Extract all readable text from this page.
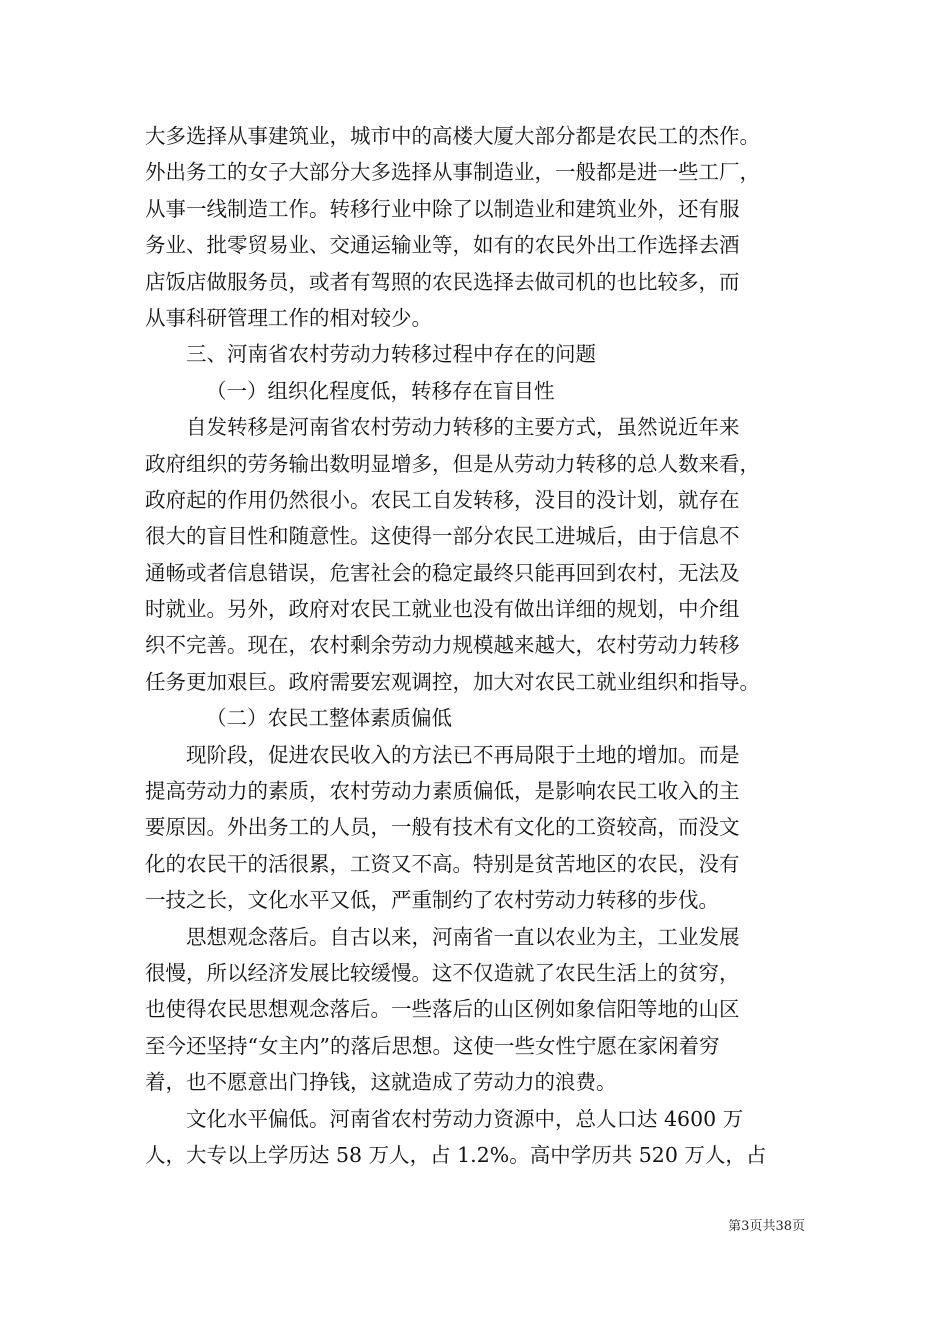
大多选择从事建筑业，城市中的高楼大厦大部分都是农民工的杰作。
外出务工的女子大部分大多选择从事制造业，一般都是进一些工厂，
从事一线制造工作。转移行业中除了以制造业和建筑业外，还有服
务业、批零贸易业、交通运输业等，如有的农民外出工作选择去酒
店饭店做服务员，或者有驾照的农民选择去做司机的也比较多，而
从事科研管理工作的相对较少。
三、河南省农村劳动力转移过程中存在的问题
（一）组织化程度低，转移存在盲目性
自发转移是河南省农村劳动力转移的主要方式，虽然说近年来
政府组织的劳务输出数明显增多，但是从劳动力转移的总人数来看，
政府起的作用仍然很小。农民工自发转移，没目的没计划，就存在
很大的盲目性和随意性。这使得一部分农民工进城后，由于信息不
通畅或者信息错误，危害社会的稳定最终只能再回到农村，无法及
时就业。另外，政府对农民工就业也没有做出详细的规划，中介组
织不完善。现在，农村剩余劳动力规模越来越大，农村劳动力转移
任务更加艰巨。政府需要宏观调控，加大对农民工就业组织和指导。
（二）农民工整体素质偏低
现阶段，促进农民收入的方法已不再局限于土地的增加。而是
提高劳动力的素质，农村劳动力素质偏低，是影响农民工收入的主
要原因。外出务工的人员，一般有技术有文化的工资较高，而没文
化的农民干的活很累，工资又不高。特别是贫苦地区的农民，没有
一技之长，文化水平又低，严重制约了农村劳动力转移的步伐。
思想观念落后。自古以来，河南省一直以农业为主，工业发展
很慢，所以经济发展比较缓慢。这不仅造就了农民生活上的贫穷，
也使得农民思想观念落后。一些落后的山区例如象信阳等地的山区
至今还坚持“女主内”的落后思想。这使一些女性宁愿在家闲着穷
着，也不愿意出门挣钱，这就造成了劳动力的浪费。
文化水平偏低。河南省农村劳动力资源中，总人口达 4600 万
人，大专以上学历达 58 万人，占 1.2%。高中学历共 520 万人，占
第3页共38页
